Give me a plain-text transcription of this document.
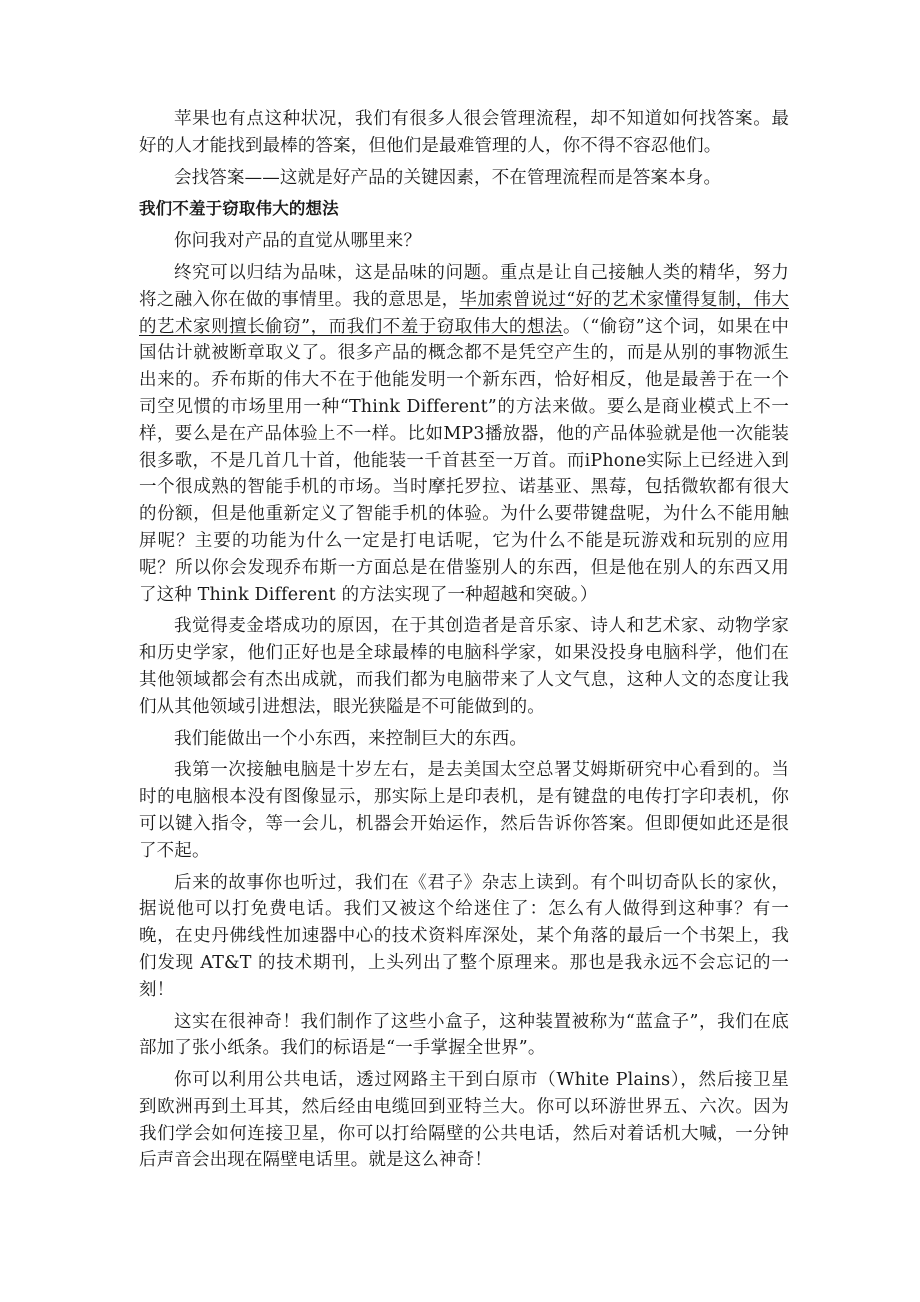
苹果也有点这种状况，我们有很多人很会管理流程，却不知道如何找答案。最好的人才能找到最棒的答案，但他们是最难管理的人，你不得不容忍他们。

会找答案——这就是好产品的关键因素，不在管理流程而是答案本身。

我们不羞于窃取伟大的想法

你问我对产品的直觉从哪里来？

终究可以归结为品味，这是品味的问题。重点是让自己接触人类的精华，努力将之融入你在做的事情里。我的意思是，毕加索曾说过“好的艺术家懂得复制，伟大的艺术家则擅长偷窃”，而我们不羞于窃取伟大的想法。（“偷窃”这个词，如果在中国估计就被断章取义了。很多产品的概念都不是凭空产生的，而是从别的事物派生出来的。乔布斯的伟大不在于他能发明一个新东西，恰好相反，他是最善于在一个司空见惯的市场里用一种“Think Different”的方法来做。要么是商业模式上不一样，要么是在产品体验上不一样。比如MP3播放器，他的产品体验就是他一次能装很多歌，不是几首几十首，他能装一千首甚至一万首。而iPhone实际上已经进入到一个很成熟的智能手机的市场。当时摩托罗拉、诺基亚、黑莓，包括微软都有很大的份额，但是他重新定义了智能手机的体验。为什么要带键盘呢，为什么不能用触屏呢？主要的功能为什么一定是打电话呢，它为什么不能是玩游戏和玩别的应用呢？所以你会发现乔布斯一方面总是在借鉴别人的东西，但是他在别人的东西又用了这种 Think Different 的方法实现了一种超越和突破。）

我觉得麦金塔成功的原因，在于其创造者是音乐家、诗人和艺术家、动物学家和历史学家，他们正好也是全球最棒的电脑科学家，如果没投身电脑科学，他们在其他领域都会有杰出成就，而我们都为电脑带来了人文气息，这种人文的态度让我们从其他领域引进想法，眼光狭隘是不可能做到的。

我们能做出一个小东西，来控制巨大的东西。

我第一次接触电脑是十岁左右，是去美国太空总署艾姆斯研究中心看到的。当时的电脑根本没有图像显示，那实际上是印表机，是有键盘的电传打字印表机，你可以键入指令，等一会儿，机器会开始运作，然后告诉你答案。但即便如此还是很了不起。

后来的故事你也听过，我们在《君子》杂志上读到。有个叫切奇队长的家伙，据说他可以打免费电话。我们又被这个给迷住了：怎么有人做得到这种事？有一晚，在史丹佛线性加速器中心的技术资料库深处，某个角落的最后一个书架上，我们发现 AT&T 的技术期刊，上头列出了整个原理来。那也是我永远不会忘记的一刻！

这实在很神奇！我们制作了这些小盒子，这种装置被称为“蓝盒子”，我们在底部加了张小纸条。我们的标语是“一手掌握全世界”。

你可以利用公共电话，透过网路主干到白原市（White Plains），然后接卫星到欧洲再到土耳其，然后经由电缆回到亚特兰大。你可以环游世界五、六次。因为我们学会如何连接卫星，你可以打给隔壁的公共电话，然后对着话机大喊，一分钟后声音会出现在隔壁电话里。就是这么神奇！
